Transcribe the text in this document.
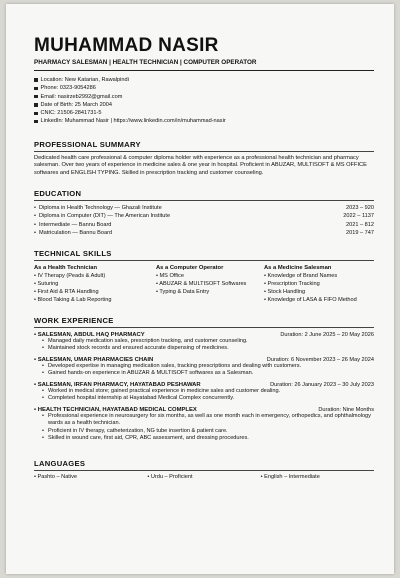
MUHAMMAD NASIR
PHARMACY SALESMAN | HEALTH TECHNICIAN | COMPUTER OPERATOR
Location: New Katarian, Rawalpindi
Phone: 0323-9054286
Email: nasirzeb2992@gmail.com
Date of Birth: 25 March 2004
CNIC: 21506-2841731-5
LinkedIn: Muhammad Nasir | https://www.linkedin.com/in/muhammad-nasir
PROFESSIONAL SUMMARY
Dedicated health care professional & computer diploma holder with experience as a professional health technician and pharmacy salesman. Over two years of experience in medicine sales & one year in hospital. Proficient in ABUZAR, MULTISOFT & MS OFFICE softwares and ENGLISH TYPING. Skilled in prescription tracking and customer counseling.
EDUCATION
• Diploma in Health Technology — Ghazali Institute	2023 – 920
• Diploma in Computer (DIT) — The American Institute	2022 – 1137
• Intermediate — Bannu Board	2021 – 812
• Matriculation — Bannu Board	2019 – 747
TECHNICAL SKILLS
As a Health Technician
• IV Therapy (Peads & Adult)
• Suturing
• First Aid & RTA Handling
• Blood Taking & Lab Reporting
As a Computer Operator
• MS Office
• ABUZAR & MULTISOFT Softwares
• Typing & Data Entry
As a Medicine Salesman
• Knowledge of Brand Names
• Prescription Tracking
• Stock Handling
• Knowledge of LASA & FIFO Method
WORK EXPERIENCE
• SALESMAN, ABDUL HAQ PHARMACY	Duration: 2 June 2025 – 20 May 2026
• Managed daily medication sales, prescription tracking, and customer counseling.
• Maintained stock records and ensured accurate dispensing of medicines.
• SALESMAN, UMAR PHARMACIES CHAIN	Duration: 6 November 2023 – 26 May 2024
• Developed expertise in managing medication sales, tracking prescriptions and dealing with customers.
• Gained hands-on experience in ABUZAR & MULTISOFT softwares as a Salesman.
• SALESMAN, IRFAN PHARMACY, HAYATABAD PESHAWAR	Duration: 26 January 2023 – 30 July 2023
• Worked in medical store; gained practical experience in medicine sales and customer dealing.
• Completed hospital internship at Hayatabad Medical Complex concurrently.
• HEALTH TECHNICIAN, HAYATABAD MEDICAL COMPLEX	Duration: Nine Months
• Professional experience in neurosurgery for six months, as well as one month each in emergency, orthopedics, and ophthalmology wards as a health technician.
• Proficient in IV therapy, catheterization, NG tube insertion & patient care.
• Skilled in wound care, first aid, CPR, ABC assessment, and dressing procedures.
LANGUAGES
• Pashto – Native	• Urdu – Proficient	• English – Intermediate
